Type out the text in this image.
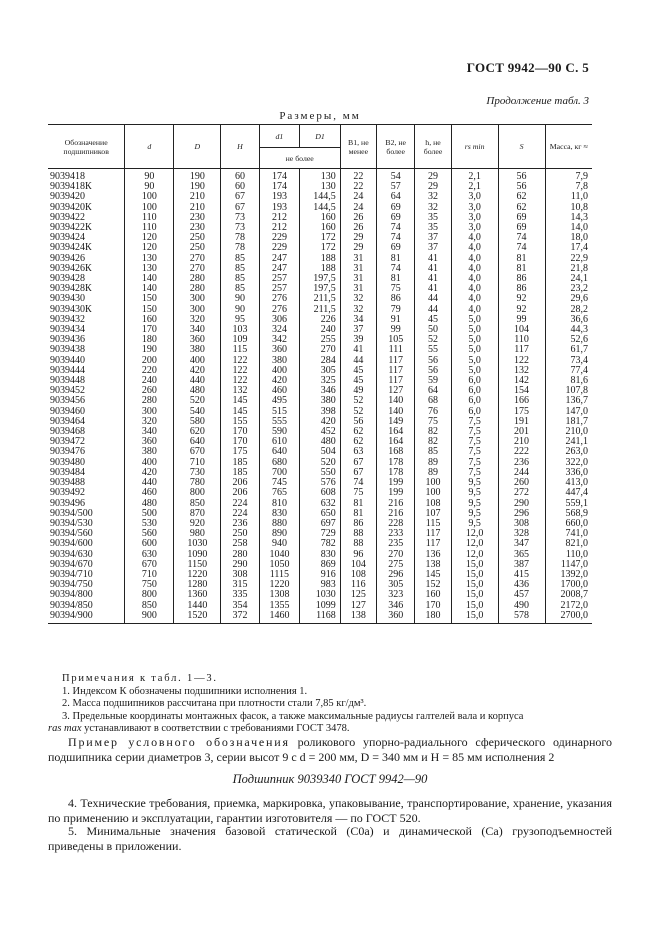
ГОСТ 9942—90 С. 5
Продолжение табл. 3
Размеры, мм
Обозначение подшипников	d	D	H	d1	D1	B1, не менее	B2, не более	h, не более	rs min	S	Масса, кг ≈
				не более							
9039418	90	190	60	174	130	22	54	29	2,1	56	7,9
9039418К	90	190	60	174	130	22	57	29	2,1	56	7,8
9039420	100	210	67	193	144,5	24	64	32	3,0	62	11,0
9039420К	100	210	67	193	144,5	24	69	32	3,0	62	10,8
9039422	110	230	73	212	160	26	69	35	3,0	69	14,3
9039422К	110	230	73	212	160	26	74	35	3,0	69	14,0
9039424	120	250	78	229	172	29	74	37	4,0	74	18,0
9039424К	120	250	78	229	172	29	69	37	4,0	74	17,4
9039426	130	270	85	247	188	31	81	41	4,0	81	22,9
9039426К	130	270	85	247	188	31	74	41	4,0	81	21,8
9039428	140	280	85	257	197,5	31	81	41	4,0	86	24,1
9039428К	140	280	85	257	197,5	31	75	41	4,0	86	23,2
9039430	150	300	90	276	211,5	32	86	44	4,0	92	29,6
9039430К	150	300	90	276	211,5	32	79	44	4,0	92	28,2
9039432	160	320	95	306	226	34	91	45	5,0	99	36,6
9039434	170	340	103	324	240	37	99	50	5,0	104	44,3
9039436	180	360	109	342	255	39	105	52	5,0	110	52,6
9039438	190	380	115	360	270	41	111	55	5,0	117	61,7
9039440	200	400	122	380	284	44	117	56	5,0	122	73,4
9039444	220	420	122	400	305	45	117	56	5,0	132	77,4
9039448	240	440	122	420	325	45	117	59	6,0	142	81,6
9039452	260	480	132	460	346	49	127	64	6,0	154	107,8
9039456	280	520	145	495	380	52	140	68	6,0	166	136,7
9039460	300	540	145	515	398	52	140	76	6,0	175	147,0
9039464	320	580	155	555	420	56	149	75	7,5	191	181,7
9039468	340	620	170	590	452	62	164	82	7,5	201	210,0
9039472	360	640	170	610	480	62	164	82	7,5	210	241,1
9039476	380	670	175	640	504	63	168	85	7,5	222	263,0
9039480	400	710	185	680	520	67	178	89	7,5	236	322,0
9039484	420	730	185	700	550	67	178	89	7,5	244	336,0
9039488	440	780	206	745	576	74	199	100	9,5	260	413,0
9039492	460	800	206	765	608	75	199	100	9,5	272	447,4
9039496	480	850	224	810	632	81	216	108	9,5	290	559,1
90394/500	500	870	224	830	650	81	216	107	9,5	296	568,9
90394/530	530	920	236	880	697	86	228	115	9,5	308	660,0
90394/560	560	980	250	890	729	88	233	117	12,0	328	741,0
90394/600	600	1030	258	940	782	88	235	117	12,0	347	821,0
90394/630	630	1090	280	1040	830	96	270	136	12,0	365	110,0
90394/670	670	1150	290	1050	869	104	275	138	15,0	387	1147,0
90394/710	710	1220	308	1115	916	108	296	145	15,0	415	1392,0
90394/750	750	1280	315	1220	983	116	305	152	15,0	436	1700,0
90394/800	800	1360	335	1308	1030	125	323	160	15,0	457	2008,7
90394/850	850	1440	354	1355	1099	127	346	170	15,0	490	2172,0
90394/900	900	1520	372	1460	1168	138	360	180	15,0	578	2700,0
Примечания к табл. 1—3.

1. Индексом К обозначены подшипники исполнения 1.

2. Масса подшипников рассчитана при плотности стали 7,85 кг/дм³.

3. Предельные координаты монтажных фасок, а также максимальные радиусы галтелей вала и корпуса

ras max устанавливают в соответствии с требованиями ГОСТ 3478.

Пример условного обозначения роликового упорно-радиального сферического одинарного подшипника серии диаметров 3, серии высот 9 с d = 200 мм, D = 340 мм и H = 85 мм исполнения 2
Подшипник 9039340 ГОСТ 9942—90
4. Технические требования, приемка, маркировка, упаковывание, транспортирование, хранение, указания по применению и эксплуатации, гарантии изготовителя — по ГОСТ 520.
5. Минимальные значения базовой статической (C0a) и динамической (Ca) грузоподъемностей приведены в приложении.
